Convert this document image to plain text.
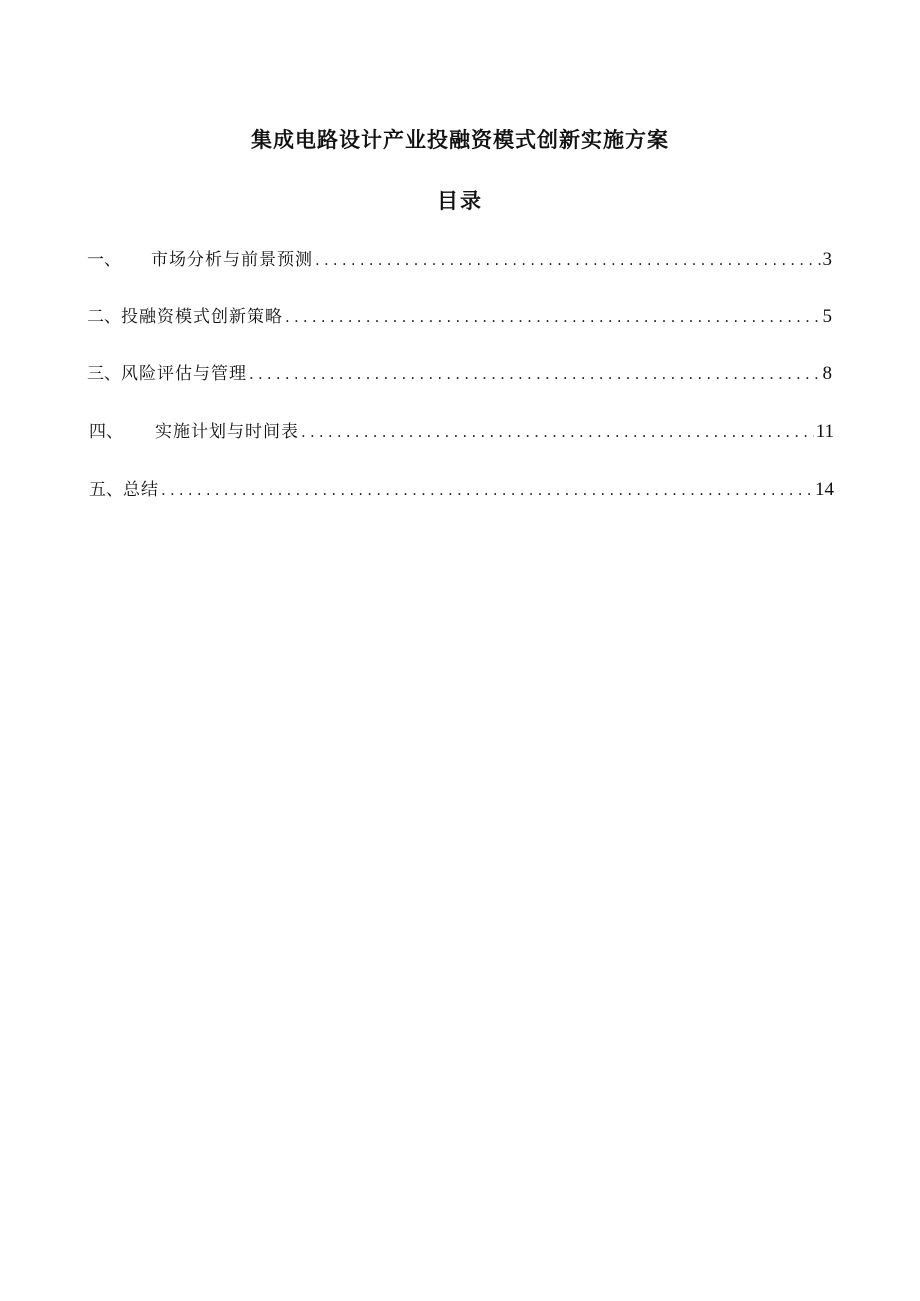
集成电路设计产业投融资模式创新实施方案
目录
一、	市场分析与前景预测 .....	3
二、 投融资模式创新策略 .....	5
三、 风险评估与管理 .....	8
四、	实施计划与时间表 .....	11
五、 总结 .....	14
